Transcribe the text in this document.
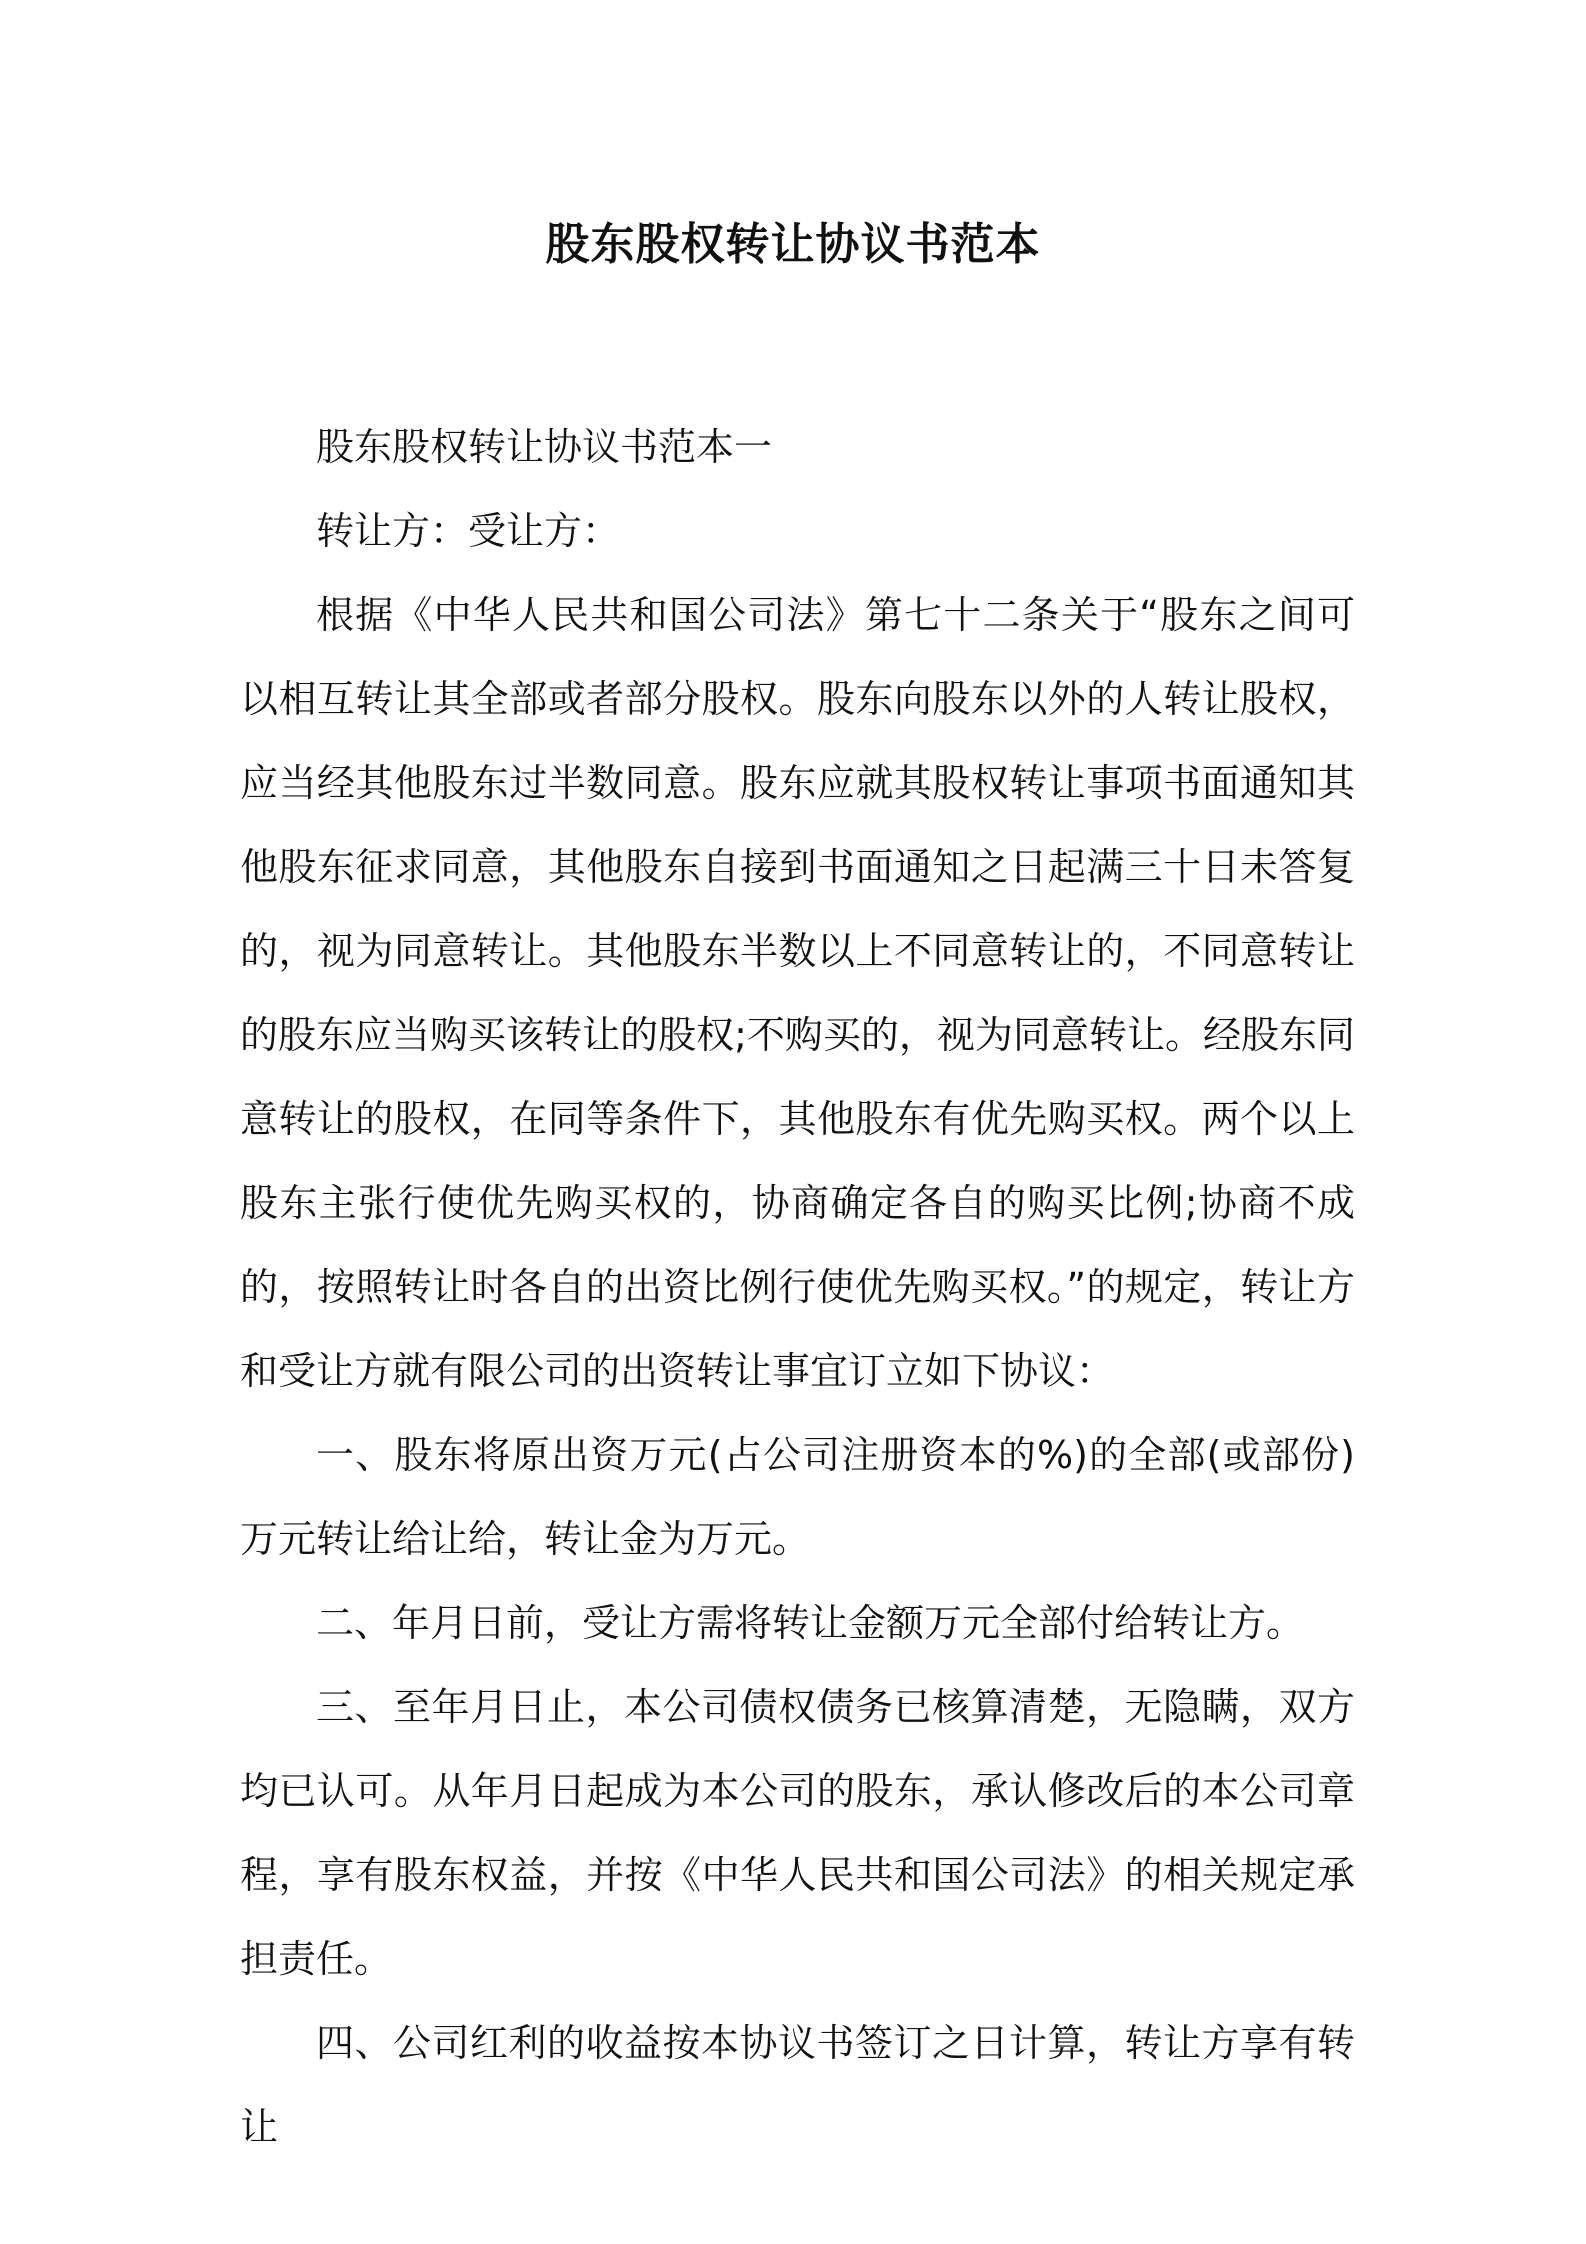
股东股权转让协议书范本

股东股权转让协议书范本一

转让方：受让方：

根据《中华人民共和国公司法》第七十二条关于“股东之间可以相互转让其全部或者部分股权。股东向股东以外的人转让股权，应当经其他股东过半数同意。股东应就其股权转让事项书面通知其他股东征求同意，其他股东自接到书面通知之日起满三十日未答复的，视为同意转让。其他股东半数以上不同意转让的，不同意转让的股东应当购买该转让的股权;不购买的，视为同意转让。经股东同意转让的股权，在同等条件下，其他股东有优先购买权。两个以上股东主张行使优先购买权的，协商确定各自的购买比例;协商不成的，按照转让时各自的出资比例行使优先购买权。”的规定，转让方和受让方就有限公司的出资转让事宜订立如下协议：

一、股东将原出资万元(占公司注册资本的%)的全部(或部份)万元转让给让给，转让金为万元。

二、年月日前，受让方需将转让金额万元全部付给转让方。

三、至年月日止，本公司债权债务已核算清楚，无隐瞒，双方均已认可。从年月日起成为本公司的股东，承认修改后的本公司章程，享有股东权益，并按《中华人民共和国公司法》的相关规定承担责任。

四、公司红利的收益按本协议书签订之日计算，转让方享有转让
